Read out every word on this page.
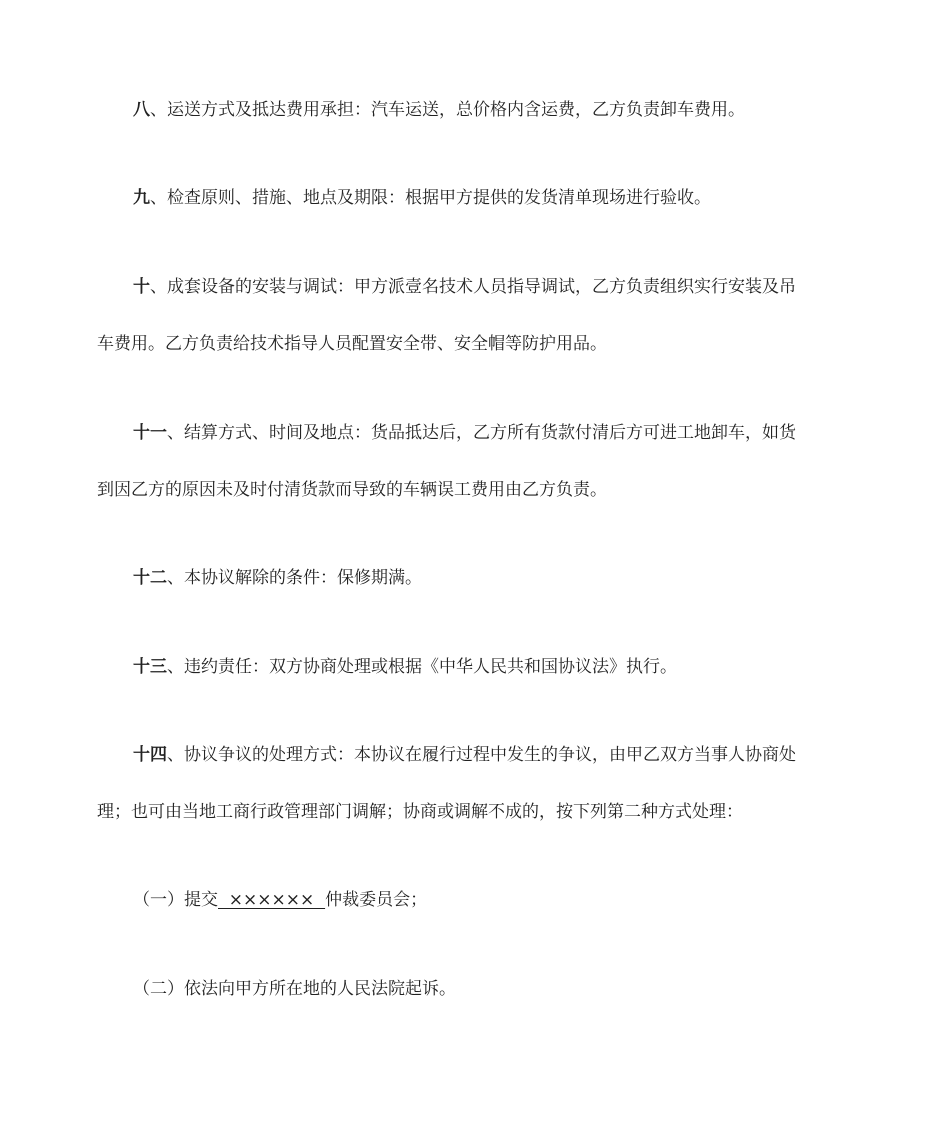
八、运送方式及抵达费用承担：汽车运送，总价格内含运费，乙方负责卸车费用。
九、检查原则、措施、地点及期限：根据甲方提供的发货清单现场进行验收。
十、成套设备的安装与调试：甲方派壹名技术人员指导调试，乙方负责组织实行安装及吊
车费用。乙方负责给技术指导人员配置安全带、安全帽等防护用品。
十一、结算方式、时间及地点：货品抵达后，乙方所有货款付清后方可进工地卸车，如货
到因乙方的原因未及时付清货款而导致的车辆误工费用由乙方负责。
十二、本协议解除的条件：保修期满。
十三、违约责任：双方协商处理或根据《中华人民共和国协议法》执行。
十四、协议争议的处理方式：本协议在履行过程中发生的争议，由甲乙双方当事人协商处
理；也可由当地工商行政管理部门调解；协商或调解不成的，按下列第二种方式处理：
（一）提交  ××××××  仲裁委员会；
（二）依法向甲方所在地的人民法院起诉。
